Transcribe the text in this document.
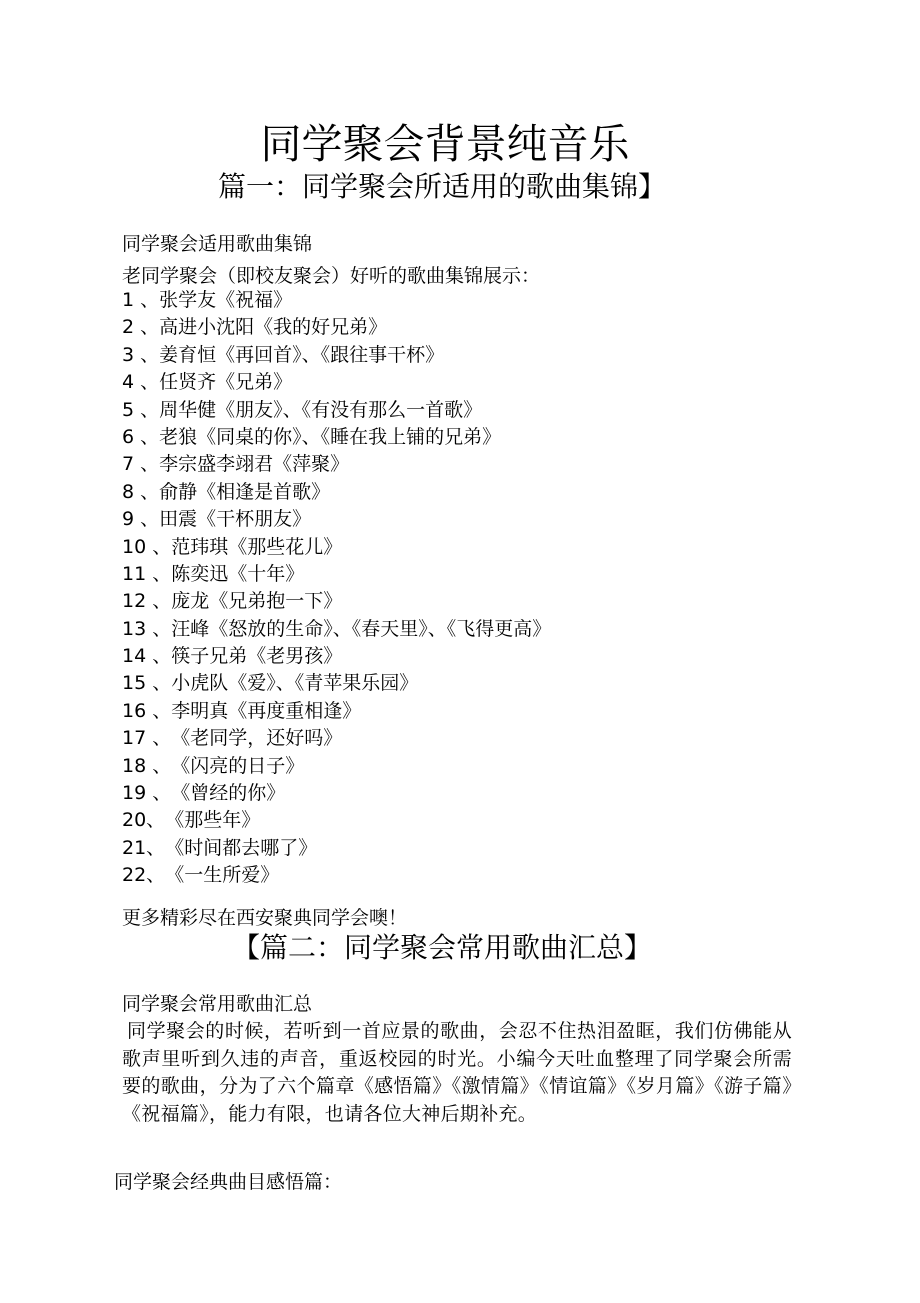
同学聚会背景纯音乐
篇一：同学聚会所适用的歌曲集锦】
同学聚会适用歌曲集锦
老同学聚会（即校友聚会）好听的歌曲集锦展示：
1 、 张学友《祝福》
2 、 高进小沈阳《我的好兄弟》
3 、 姜育恒《再回首》、《跟往事干杯》
4 、 任贤齐《兄弟》
5 、 周华健《朋友》、《有没有那么一首歌》
6 、 老狼《同桌的你》、《睡在我上铺的兄弟》
7 、 李宗盛李翊君《萍聚》
8 、 俞静《相逢是首歌》
9 、 田震《干杯朋友》
10 、 范玮琪《那些花儿》
11 、 陈奕迅《十年》
12 、 庞龙《兄弟抱一下》
13 、 汪峰《怒放的生命》、《春天里》、《飞得更高》
14 、 筷子兄弟《老男孩》
15 、 小虎队《爱》、《青苹果乐园》
16 、 李明真《再度重相逢》
17 、 《老同学，还好吗》
18 、 《闪亮的日子》
19 、 《曾经的你》
20、 《那些年》
21、 《时间都去哪了》
22、 《一生所爱》
更多精彩尽在西安聚典同学会噢！
【篇二：同学聚会常用歌曲汇总】
同学聚会常用歌曲汇总

同学聚会的时候，若听到一首应景的歌曲，会忍不住热泪盈眶，我们仿佛能从歌声里听到久违的声音，重返校园的时光。小编今天吐血整理了同学聚会所需要的歌曲，分为了六个篇章《感悟篇》《激情篇》《情谊篇》《岁月篇》《游子篇》《祝福篇》，能力有限，也请各位大神后期补充。

同学聚会经典曲目感悟篇：
